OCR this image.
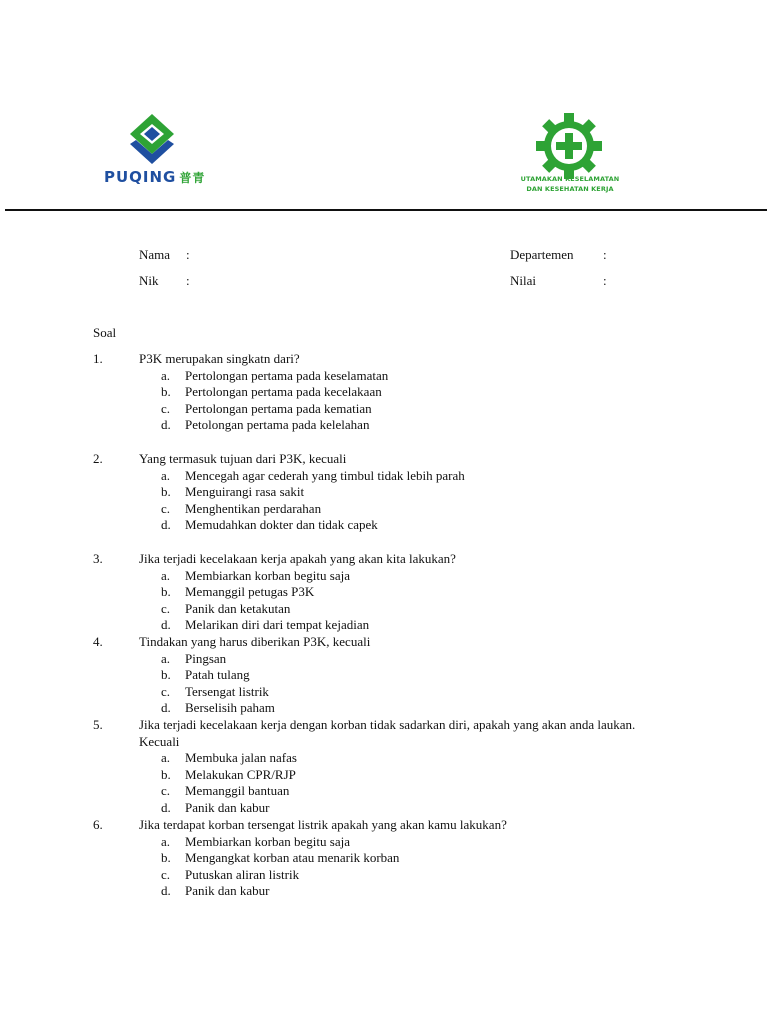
PUQING 普青	UTAMAKAN KESELAMATAN
DAN KESEHATAN KERJA
Nama :
Nik :
Departemen :
Nilai	:
Soal
1.	P3K merupakan singkatn dari?
a. Pertolongan pertama pada keselamatan
b. Pertolongan pertama pada kecelakaan
c. Pertolongan pertama pada kematian
d. Petolongan pertama pada kelelahan
2.	Yang termasuk tujuan dari P3K, kecuali
a. Mencegah agar cederah yang timbul tidak lebih parah
b. Menguirangi rasa sakit
c. Menghentikan perdarahan
d. Memudahkan dokter dan tidak capek
3.	Jika terjadi kecelakaan kerja apakah yang akan kita lakukan?
a. Membiarkan korban begitu saja
b. Memanggil petugas P3K
c. Panik dan ketakutan
d. Melarikan diri dari tempat kejadian
4.	Tindakan yang harus diberikan P3K, kecuali
a. Pingsan
b. Patah tulang
c. Tersengat listrik
d. Berselisih paham
5.	Jika terjadi kecelakaan kerja dengan korban tidak sadarkan diri, apakah yang akan anda laukan. Kecuali
a. Membuka jalan nafas
b. Melakukan CPR/RJP
c. Memanggil bantuan
d. Panik dan kabur
6.	Jika terdapat korban tersengat listrik apakah yang akan kamu lakukan?
a. Membiarkan korban begitu saja
b. Mengangkat korban atau menarik korban
c. Putuskan aliran listrik
d. Panik dan kabur
